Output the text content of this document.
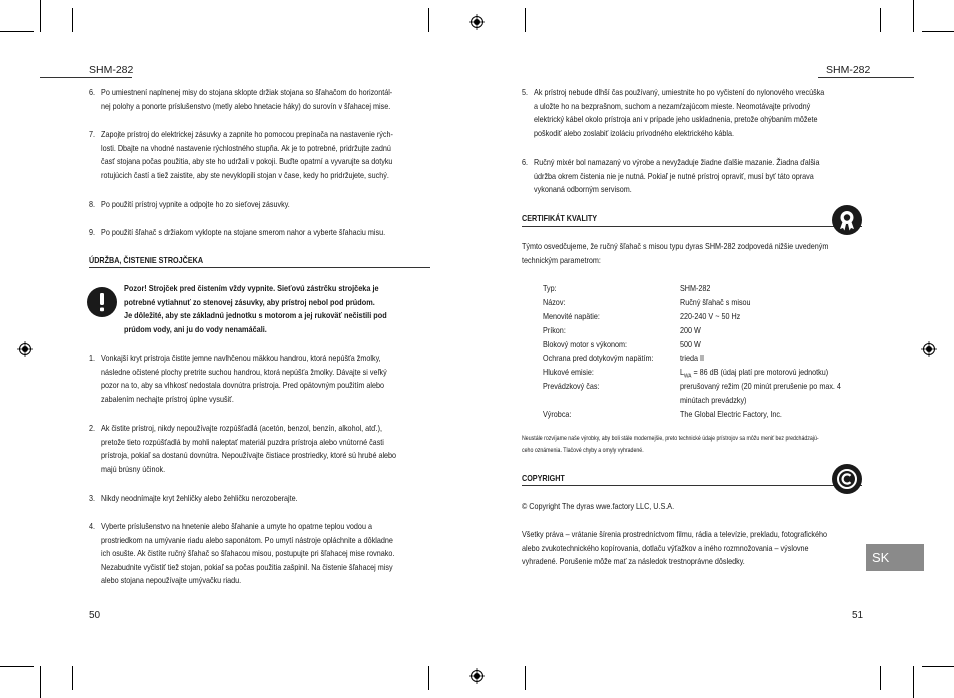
SHM-282	SHM-282
6. Po umiestnení naplnenej misy do stojana sklopte držiak stojana so šľahačom do horizontál-
nej polohy a ponorte príslušenstvo (metly alebo hnetacie háky) do surovín v šľahacej mise.
7. Zapojte prístroj do elektrickej zásuvky a zapnite ho pomocou prepínača na nastavenie rých-
losti. Dbajte na vhodné nastavenie rýchlostného stupňa. Ak je to potrebné, pridržujte zadnú
časť stojana počas použitia, aby ste ho udržali v pokoji. Buďte opatrní a vyvarujte sa dotyku
rotujúcich častí a tiež zaistite, aby ste nevyklopili stojan v čase, kedy ho pridržujete, suchý.
8. Po použití prístroj vypnite a odpojte ho zo sieťovej zásuvky.
9. Po použití šľahač s držiakom vyklopte na stojane smerom nahor a vyberte šľahaciu misu.
ÚDRŽBA, ČISTENIE STROJČEKA
Pozor! Strojček pred čistením vždy vypnite. Sieťovú zástrčku strojčeka je
potrebné vytiahnuť zo stenovej zásuvky, aby prístroj nebol pod prúdom.
Je dôležité, aby ste základnú jednotku s motorom a jej rukoväť nečistili pod
prúdom vody, ani ju do vody nenamáčali.
1. Vonkajší kryt prístroja čistite jemne navlhčenou mäkkou handrou, ktorá nepúšťa žmolky,
následne očistené plochy pretrite suchou handrou, ktorá nepúšťa žmolky. Dávajte si veľký
pozor na to, aby sa vlhkosť nedostala dovnútra prístroja. Pred opätovným použitím alebo
zabalením nechajte prístroj úplne vysušiť.
2. Ak čistite prístroj, nikdy nepoužívajte rozpúšťadlá (acetón, benzol, benzín, alkohol, atď.),
pretože tieto rozpúšťadlá by mohli naleptať materiál puzdra prístroja alebo vnútorné časti
prístroja, pokiaľ sa dostanú dovnútra. Nepoužívajte čistiace prostriedky, ktoré sú hrubé alebo
majú brúsny účinok.
3. Nikdy neodnímajte kryt žehličky alebo žehličku nerozoberajte.
4. Vyberte príslušenstvo na hnetenie alebo šľahanie a umyte ho opatrne teplou vodou a
prostriedkom na umývanie riadu alebo saponátom. Po umytí nástroje opláchnite a dôkladne
ich osušte. Ak čistíte ručný šľahač so šľahacou misou, postupujte pri šľahacej mise rovnako.
Nezabudnite vyčistiť tiež stojan, pokiaľ sa počas použitia zašpinil. Na čistenie šľahacej misy
alebo stojana nepoužívajte umývačku riadu.
50
5. Ak prístroj nebude dlhší čas používaný, umiestnite ho po vyčistení do nylonového vrecúška
a uložte ho na bezprašnom, suchom a nezamŕzajúcom mieste. Neomotávajte prívodný
elektrický kábel okolo prístroja ani v prípade jeho uskladnenia, pretože ohýbaním môžete
poškodiť alebo zoslabiť izoláciu prívodného elektrického kábla.
6. Ručný mixér bol namazaný vo výrobe a nevyžaduje žiadne ďalšie mazanie. Žiadna ďalšia
údržba okrem čistenia nie je nutná. Pokiaľ je nutné prístroj opraviť, musí byť táto oprava
vykonaná odborným servisom.
CERTIFIKÁT KVALITY
Týmto osvedčujeme, že ručný šľahač s misou typu dyras SHM-282 zodpovedá nižšie uvedeným
technickým parametrom:
Typ:	SHM-282
Názov:	Ručný šľahač s misou
Menovité napätie:	220-240 V ~ 50 Hz
Príkon:	200 W
Blokový motor s výkonom:	500 W
Ochrana pred dotykovým napätím:	trieda II
Hlukové emisie:	$L_{WA} = 86$ dB (údaj platí pre motorovú jednotku)
Prevádzkový čas:	prerušovaný režim (20 minút prerušenie po max. 4
minútach prevádzky)
Výrobca:	The Global Electric Factory, Inc.
Neustále rozvíjame naše výrobky, aby boli stále modernejšie, preto technické údaje prístrojov sa môžu meniť bez predchádzajú-
ceho oznámenia. Tlačové chyby a omyly vyhradené.
COPYRIGHT
© Copyright The dyras wwe.factory LLC, U.S.A.
Všetky práva – vrátanie šírenia prostredníctvom filmu, rádia a televízie, prekladu, fotografického
alebo zvukotechnického kopírovania, dotlaču výťažkov a iného rozmnožovania – výslovne
vyhradené. Porušenie môže mať za následok trestnoprávne dôsledky.	SK
51
